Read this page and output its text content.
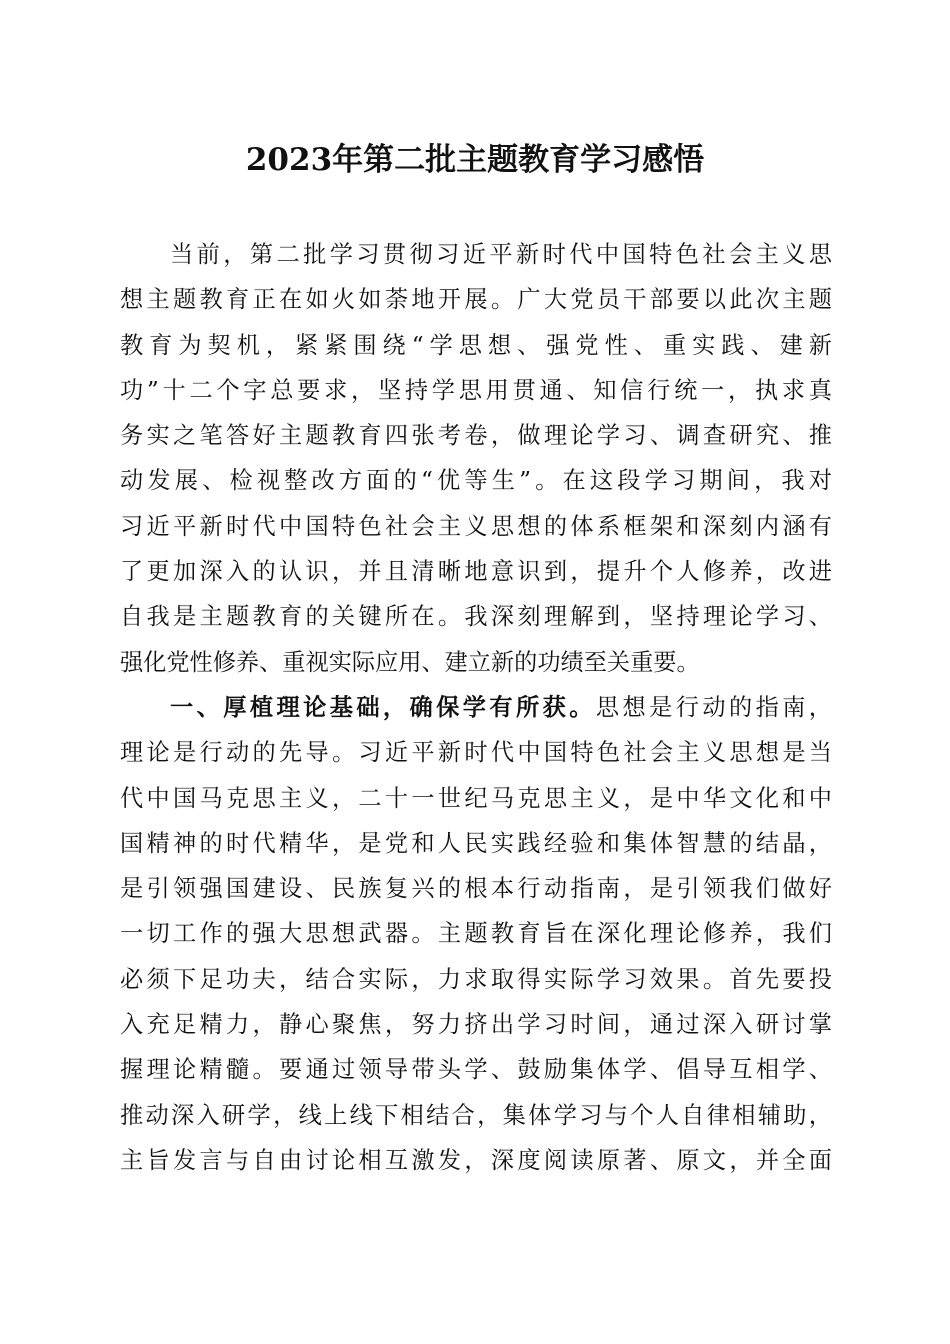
2023年第二批主题教育学习感悟
当前，第二批学习贯彻习近平新时代中国特色社会主义思
想主题教育正在如火如荼地开展。广大党员干部要以此次主题
教育为契机，紧紧围绕“学思想、强党性、重实践、建新
功”十二个字总要求，坚持学思用贯通、知信行统一，执求真
务实之笔答好主题教育四张考卷，做理论学习、调查研究、推
动发展、检视整改方面的“优等生”。在这段学习期间，我对
习近平新时代中国特色社会主义思想的体系框架和深刻内涵有
了更加深入的认识，并且清晰地意识到，提升个人修养，改进
自我是主题教育的关键所在。我深刻理解到，坚持理论学习、
强化党性修养、重视实际应用、建立新的功绩至关重要。
一、厚植理论基础，确保学有所获。思想是行动的指南，
理论是行动的先导。习近平新时代中国特色社会主义思想是当
代中国马克思主义，二十一世纪马克思主义，是中华文化和中
国精神的时代精华，是党和人民实践经验和集体智慧的结晶，
是引领强国建设、民族复兴的根本行动指南，是引领我们做好
一切工作的强大思想武器。主题教育旨在深化理论修养，我们
必须下足功夫，结合实际，力求取得实际学习效果。首先要投
入充足精力，静心聚焦，努力挤出学习时间，通过深入研讨掌
握理论精髓。要通过领导带头学、鼓励集体学、倡导互相学、
推动深入研学，线上线下相结合，集体学习与个人自律相辅助，
主旨发言与自由讨论相互激发，深度阅读原著、原文，并全面
